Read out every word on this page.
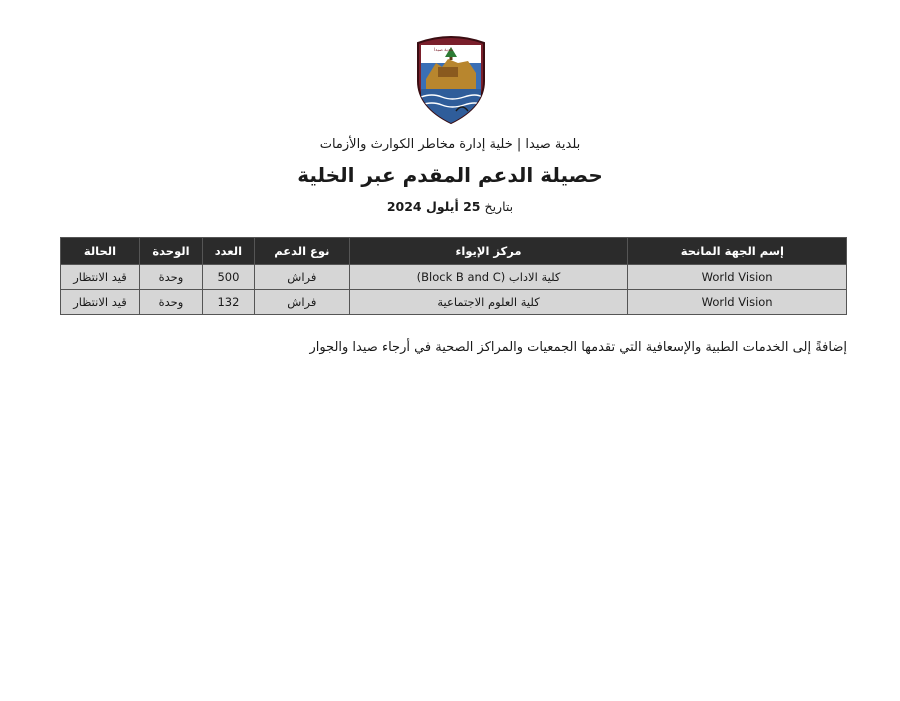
بلدية صيدا
بلدية صيدا | خلية إدارة مخاطر الكوارث والأزمات
حصيلة الدعم المقدم عبر الخلية
بتاريخ 25 أيلول 2024
إسم الجهة المانحة	مركز الإيواء	نوع الدعم	العدد	الوحدة	الحالة
World Vision	كلية الاداب (Block B and C)	فراش	500	وحدة	قيد الانتظار
World Vision	كلية العلوم الاجتماعية	فراش	132	وحدة	قيد الانتظار
إضافةً إلى الخدمات الطبية والإسعافية التي تقدمها الجمعيات والمراكز الصحية في أرجاء صيدا والجوار
